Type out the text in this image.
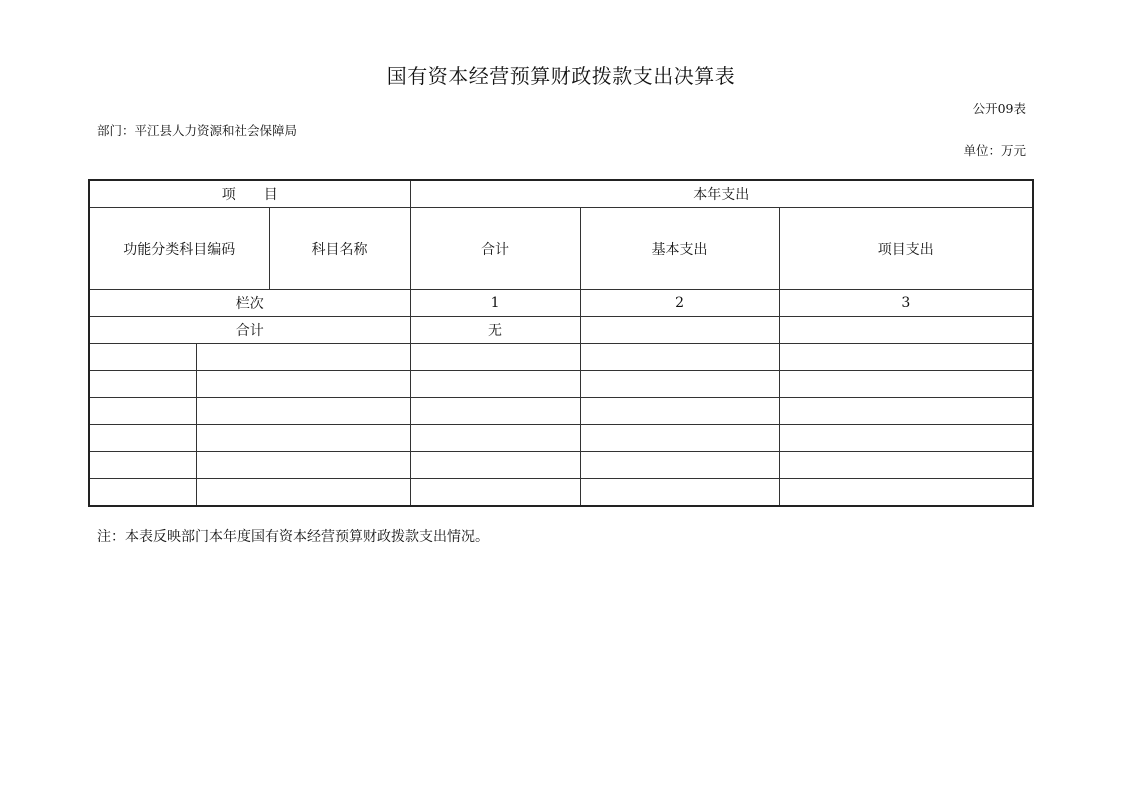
国有资本经营预算财政拨款支出决算表
公开09表
部门：平江县人力资源和社会保障局
单位：万元
项　　目			本年支出		
功能分类科目编码		科目名称	合计	基本支出	项目支出
栏次			1	2	3
合计			无		

注：本表反映部门本年度国有资本经营预算财政拨款支出情况。
